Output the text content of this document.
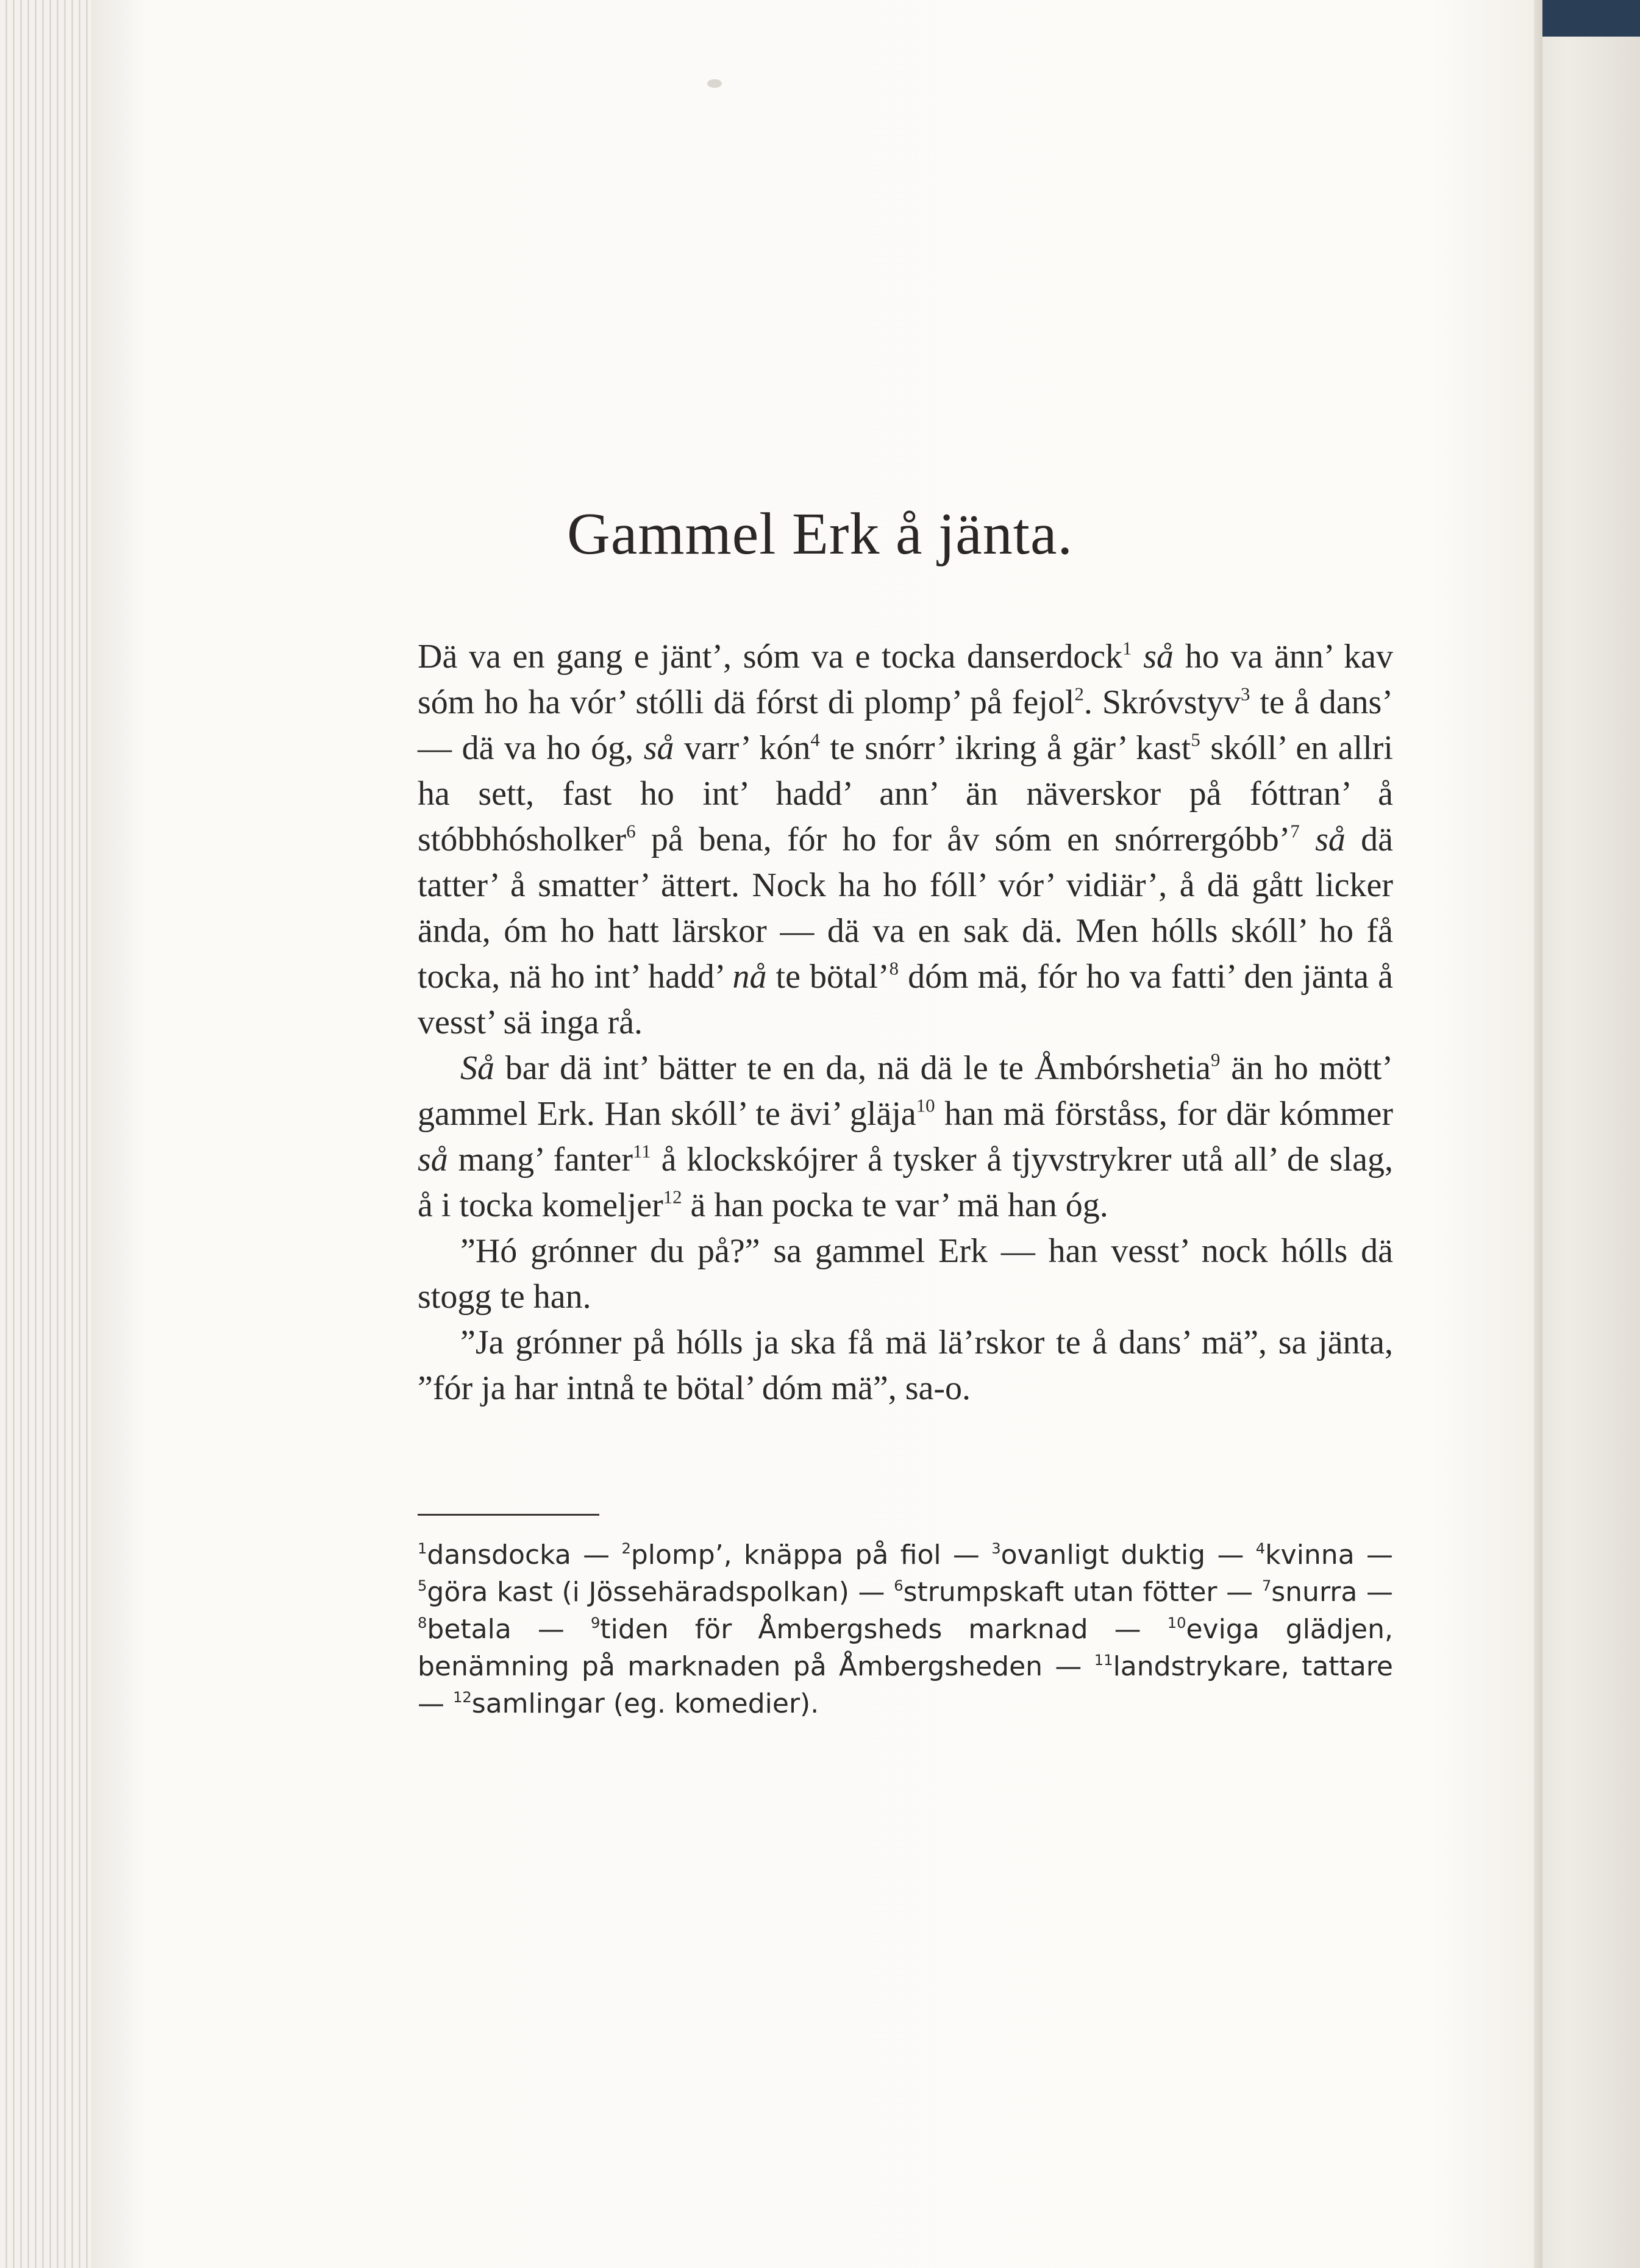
Gammel Erk å jänta.

Dä va en gang e jänt’, sóm va e tocka danserdock$^1$ så ho va änn’ kav sóm ho ha vór’ stólli dä fórst di plomp’ på fejol$^2$. Skróvstyv$^3$ te å dans’ — dä va ho óg, så varr’ kón$^4$ te snórr’ ikring å gär’ kast$^5$ skóll’ en allri ha sett, fast ho int’ hadd’ ann’ än näverskor på fóttran’ å stóbbhósholker$^6$ på bena, fór ho for åv sóm en snórrergóbb’$^7$ så dä tatter’ å smatter’ ättert. Nock ha ho fóll’ vór’ vidiär’, å dä gått licker ända, óm ho hatt lärskor — dä va en sak dä. Men hólls skóll’ ho få tocka, nä ho int’ hadd’ nå te bötal’$^8$ dóm mä, fór ho va fatti’ den jänta å vesst’ sä inga rå.

Så bar dä int’ bätter te en da, nä dä le te Åmbórshetia$^9$ än ho mött’ gammel Erk. Han skóll’ te ävi’ gläja$^{10}$ han mä förståss, for där kómmer så mang’ fanter$^{11}$ å klockskójrer å tysker å tjyvstrykrer utå all’ de slag, å i tocka komeljer$^{12}$ ä han pocka te var’ mä han óg.

”Hó grónner du på?” sa gammel Erk — han vesst’ nock hólls dä stogg te han.

”Ja grónner på hólls ja ska få mä lä’rskor te å dans’ mä”, sa jänta, ”fór ja har intnå te bötal’ dóm mä”, sa-o.

$^1$dansdocka — $^2$plomp’, knäppa på fiol — $^3$ovanligt duktig — $^4$kvinna — $^5$göra kast (i Jössehäradspolkan) — $^6$strumpskaft utan fötter — $^7$snurra — $^8$betala — $^9$tiden för Åmbergsheds marknad — $^{10}$eviga glädjen, benämning på marknaden på Åmbergsheden — $^{11}$landstrykare, tattare — $^{12}$samlingar (eg. komedier).
